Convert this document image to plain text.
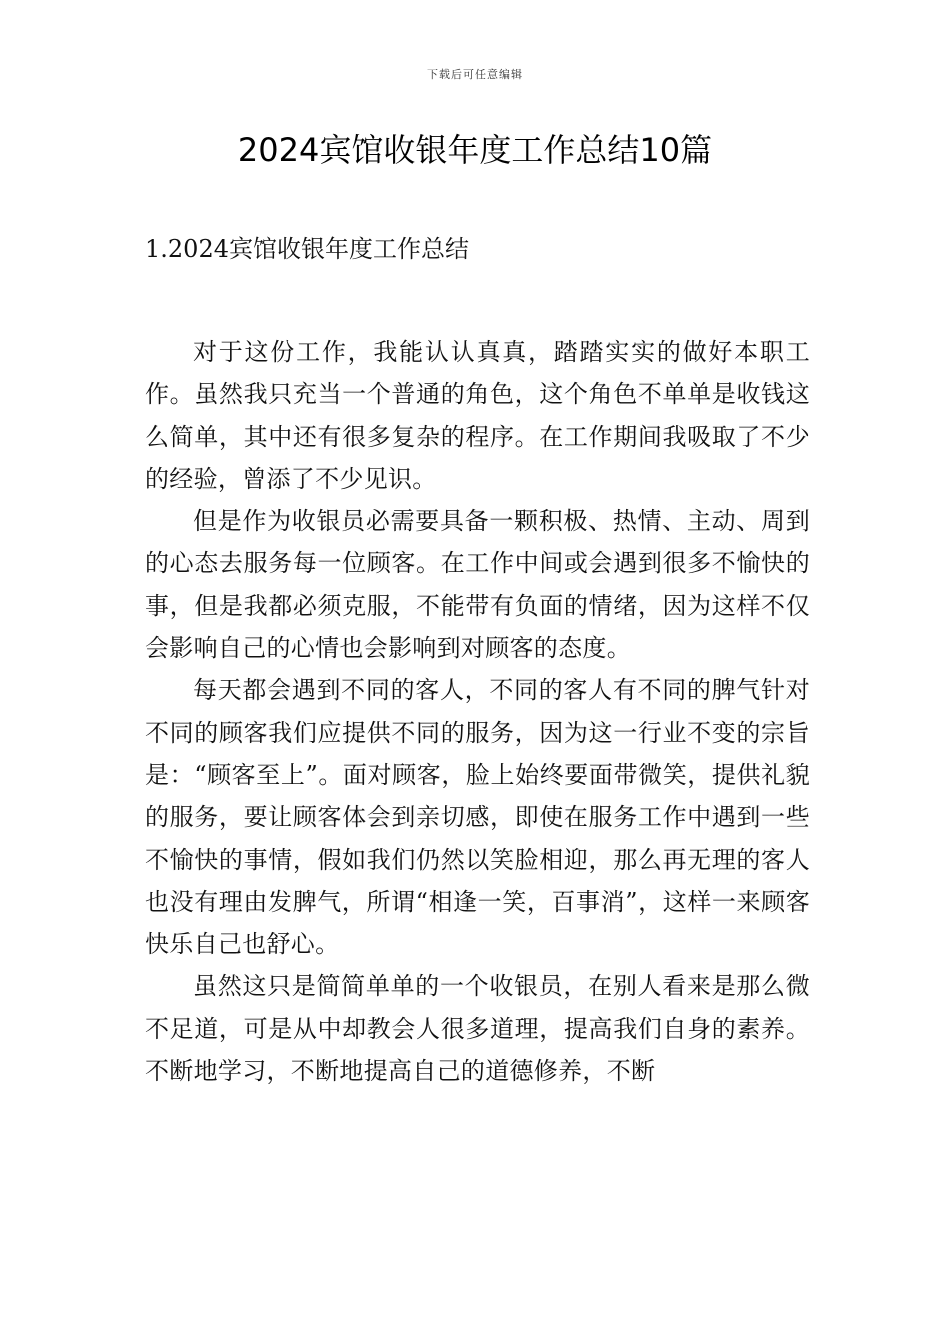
下载后可任意编辑
2024宾馆收银年度工作总结10篇
1.2024宾馆收银年度工作总结

对于这份工作，我能认认真真，踏踏实实的做好本职工作。虽然我只充当一个普通的角色，这个角色不单单是收钱这么简单，其中还有很多复杂的程序。在工作期间我吸取了不少的经验，曾添了不少见识。

但是作为收银员必需要具备一颗积极、热情、主动、周到的心态去服务每一位顾客。在工作中间或会遇到很多不愉快的事，但是我都必须克服，不能带有负面的情绪，因为这样不仅会影响自己的心情也会影响到对顾客的态度。

每天都会遇到不同的客人，不同的客人有不同的脾气针对不同的顾客我们应提供不同的服务，因为这一行业不变的宗旨是：“顾客至上”。面对顾客，脸上始终要面带微笑，提供礼貌的服务，要让顾客体会到亲切感，即使在服务工作中遇到一些不愉快的事情，假如我们仍然以笑脸相迎，那么再无理的客人也没有理由发脾气，所谓“相逢一笑，百事消”，这样一来顾客快乐自己也舒心。

虽然这只是简简单单的一个收银员，在别人看来是那么微不足道，可是从中却教会人很多道理，提高我们自身的素养。不断地学习，不断地提高自己的道德修养，不断
